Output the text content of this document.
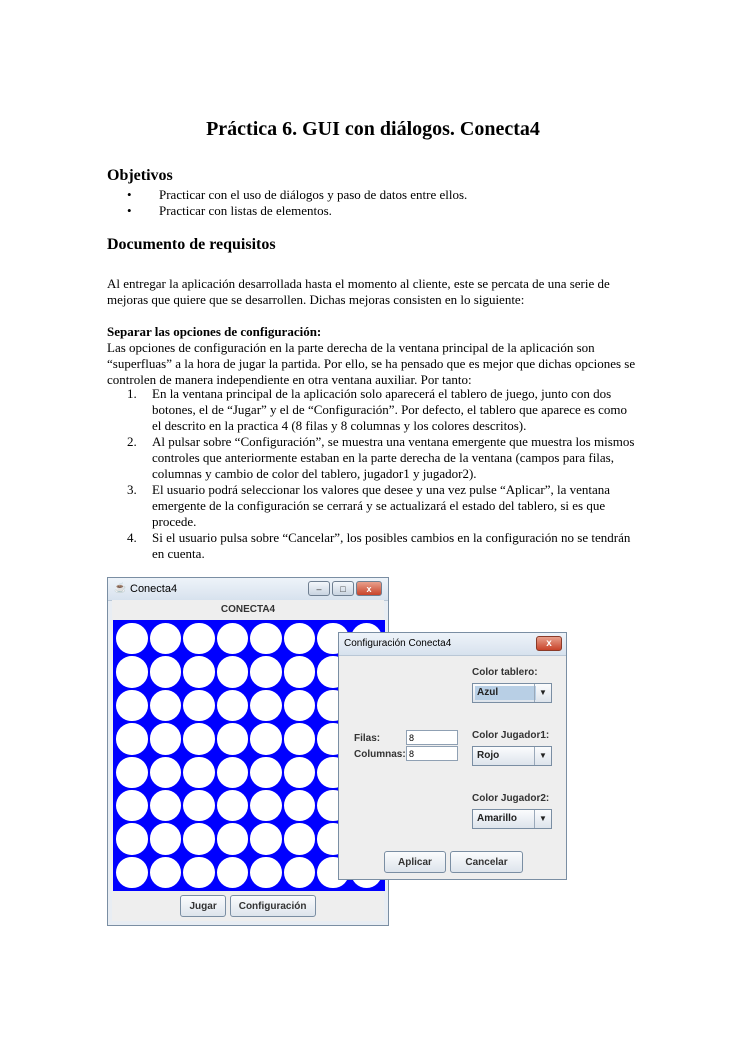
Práctica 6. GUI con diálogos. Conecta4
Objetivos
• Practicar con el uso de diálogos y paso de datos entre ellos.
• Practicar con listas de elementos.
Documento de requisitos

Al entregar la aplicación desarrollada hasta el momento al cliente, este se percata de una serie de mejoras que quiere que se desarrollen. Dichas mejoras consisten en lo siguiente:

Separar las opciones de configuración:

Las opciones de configuración en la parte derecha de la ventana principal de la aplicación son “superfluas” a la hora de jugar la partida. Por ello, se ha pensado que es mejor que dichas opciones se controlen de manera independiente en otra ventana auxiliar. Por tanto:

1. En la ventana principal de la aplicación solo aparecerá el tablero de juego, junto con dos botones, el de “Jugar” y el de “Configuración”. Por defecto, el tablero que aparece es como el descrito en la practica 4 (8 filas y 8 columnas y los colores descritos).
2. Al pulsar sobre “Configuración”, se muestra una ventana emergente que muestra los mismos controles que anteriormente estaban en la parte derecha de la ventana (campos para filas, columnas y cambio de color del tablero, jugador1 y jugador2).
3. El usuario podrá seleccionar los valores que desee y una vez pulse “Aplicar”, la ventana emergente de la configuración se cerrará y se actualizará el estado del tablero, si es que procede.
4. Si el usuario pulsa sobre “Cancelar”, los posibles cambios en la configuración no se tendrán en cuenta.
☕ Conecta4	–	□	x
CONECTA4
Jugar	Configuración
Configuración Conecta4	x
Color tablero:
Azul	▼
Filas:	8
Columnas: 8
Color Jugador1:
Rojo	▼
Color Jugador2:
Amarillo	▼
Aplicar	Cancelar
